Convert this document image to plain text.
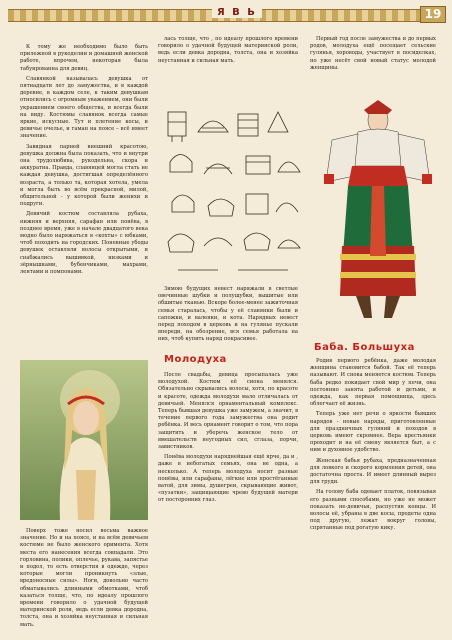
Я В Ь	19

К тому же необходимо было быть прилежной в рукоделии и домашней женской работе, впрочем, некоторая была табуированна для девиц.

Славянкой называлась девушка от пятнадцати лет до замужества, и в каждой деревне, в каждом селе, к таким девушкам относились с огромным уважением, они были украшением своего общества, и всегда были на виду. Костюмы славянок всегда самые яркие, искусные. Тут и плетение косы, и девичье очелье, и гаман на поясе – всё имеет значение.

Завидная парней внешний красотою, девушка должна была показать, что и внутри она трудолюбива, рукодельна, скора и аккуратна. Правда, славянцей могла стать не каждая девушка, достигшая определённого возраста, а только та, которая хотела, умела и могла быть во всём прекрасной, милой, общительной - у которой были женихи и подруги.

Девичий костюм составляла рубаха, нижняя и верхняя, сарафан или понёва, в позднее время, уже в начале двадцатого века модно было наряжаться в «кохты» с юбками, чтоб походить на городских. Поневные убоды девушек оставляли волосы открытыми, и снабжались вышивкой, низками и зёрнышками, бубенчиками, махрами, лентами и помпонами.

Поверх тоже носил весьма важное значение. Но и на поясе, и на всём девичьем костюме не было женского оримента. Хотя места его нанесения всегда совпадали. Это горловина, полики, оплечье, рукава, запястье и подол, то есть отверстия в одежде, через которые могли проникнуть «злые, вредоносные силы». Ноги, довольно часто обматывались длинными обмотками, чтоб казаться толще, что, по идеалу прошлого времени говорило о удачной будущей материнской роли, ведь если девка дородна, толста, она и хозяйка неустанная и сильная мать.

лась толще, что , по идеалу прошлого времени говорило о удачной будущей материнской роли, ведь если девка дородна, толста, она и хозяйка неустанная и сильная мать.

Зимою будущих невест наряжали в светлые овечинные шубки и полушубки, вышитые или обшитые тканью. Вскоре более-менее зажиточная семья старалась, чтобы у её славянки были и сапожки, и валенки, и кота. Нарядных невест перед походом в церковь и на гулянье пускали впереди, на обозрение, вся семья работала на них, чтоб купить наряд покрасивее.

Молодуха

После свадьбы, девица просыпалась уже молодухой. Костюм её сиона менялся. Обязательно скрывались волосы, хотя, по красоте и красоте, одежда молодухи мало отличалась от девичьей. Менялся орнаментальный комплекс. Теперь бывшая девушка уже замужем, а значит, в течение первого года замужества она родит ребёнка. И весь орнамент говорит о том, что пора защитить и уберечь женское тело от вмешательств неугодных сил, сглаза, порчи, завистников.

Понёва молодухи наряднейшая ещё ярче, да и , даже в небогатых семьях, она не одна, а несколько. А теперь молодуха носит разные понёвы, или сарафаны, лёгкие или простёганные ватой, для зимы, душегреи, скрывающие живот, «пузатки», защищающие чрево будущей матери от посторонних глаз.

Первый год после замужества и до первых родов, молодуха ещё посещает сельские гулянья, хороводы, участвует в посиделках, но уже несёт свой новый статус молодой женщины.

Баба. Большуха

Родив первого ребёнка, даже молодая женщина становится бабой. Так её теперь называют. И снова меняется костюм. Теперь баба редко покидает свой мир у печи, она постоянно занята работой и детьми, и одежда, как первая помощница, здесь облегчает её жизнь.

Теперь уже нет речи о яркости бывших нарядов - новые наряды, приготовленные для праздничных гуляний и походов в церковь имеют скромнее. Вера крестьянки проходит и на её смену является быт, а с ним и духовное удобство.

Женская бабья рубаха, предназначенная для ловкого и скорого кормления детей, она достаточна проста. И имеет длинный вырез для груди.

На голову баба одевает платок, повязывая его разными способами, но уже не может показать не-девичьи, распустив концы. И волосы её, убраны в две косы, продеты одна под другую, лежат вокруг головы, спрятанные под рогатую кику.
